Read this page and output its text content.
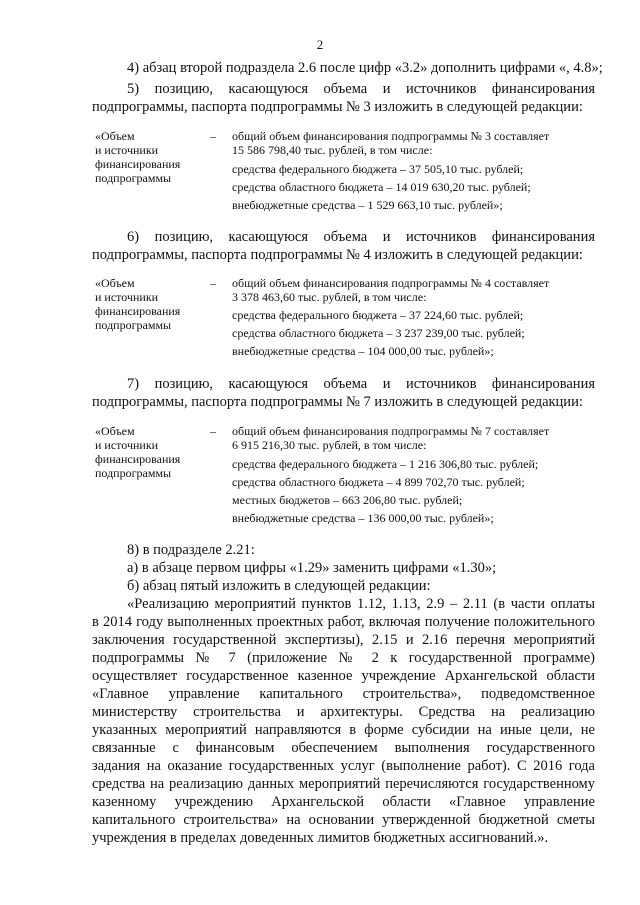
2
4) абзац второй подраздела 2.6 после цифр «3.2» дополнить цифрами «, 4.8»;
5) позицию, касающуюся объема и источников финансирования
подпрограммы, паспорта подпрограммы № 3 изложить в следующей редакции:
«Объем
и источники
финансирования
подпрограммы
– общий объем финансирования подпрограммы № 3 составляет
15 586 798,40 тыс. рублей, в том числе:
средства федерального бюджета – 37 505,10 тыс. рублей;
средства областного бюджета – 14 019 630,20 тыс. рублей;
внебюджетные средства – 1 529 663,10 тыс. рублей»;
6) позицию, касающуюся объема и источников финансирования
подпрограммы, паспорта подпрограммы № 4 изложить в следующей редакции:
«Объем
и источники
финансирования
подпрограммы
– общий объем финансирования подпрограммы № 4 составляет
3 378 463,60 тыс. рублей, в том числе:
средства федерального бюджета – 37 224,60 тыс. рублей;
средства областного бюджета – 3 237 239,00 тыс. рублей;
внебюджетные средства – 104 000,00 тыс. рублей»;
7) позицию, касающуюся объема и источников финансирования
подпрограммы, паспорта подпрограммы № 7 изложить в следующей редакции:
«Объем
и источники
финансирования
подпрограммы
– общий объем финансирования подпрограммы № 7 составляет
6 915 216,30 тыс. рублей, в том числе:
средства федерального бюджета – 1 216 306,80 тыс. рублей;
средства областного бюджета – 4 899 702,70 тыс. рублей;
местных бюджетов – 663 206,80 тыс. рублей;
внебюджетные средства – 136 000,00 тыс. рублей»;
8) в подразделе 2.21:
а) в абзаце первом цифры «1.29» заменить цифрами «1.30»;
б) абзац пятый изложить в следующей редакции:
«Реализацию мероприятий пунктов 1.12, 1.13, 2.9 – 2.11 (в части оплаты
в 2014 году выполненных проектных работ, включая получение положительного
заключения государственной экспертизы), 2.15 и 2.16 перечня мероприятий
подпрограммы № 7 (приложение № 2 к государственной программе)
осуществляет государственное казенное учреждение Архангельской области
«Главное управление капитального строительства», подведомственное
министерству строительства и архитектуры. Средства на реализацию
указанных мероприятий направляются в форме субсидии на иные цели, не
связанные с финансовым обеспечением выполнения государственного
задания на оказание государственных услуг (выполнение работ). С 2016 года
средства на реализацию данных мероприятий перечисляются государственному
казенному учреждению Архангельской области «Главное управление
капитального строительства» на основании утвержденной бюджетной сметы
учреждения в пределах доведенных лимитов бюджетных ассигнований.».
